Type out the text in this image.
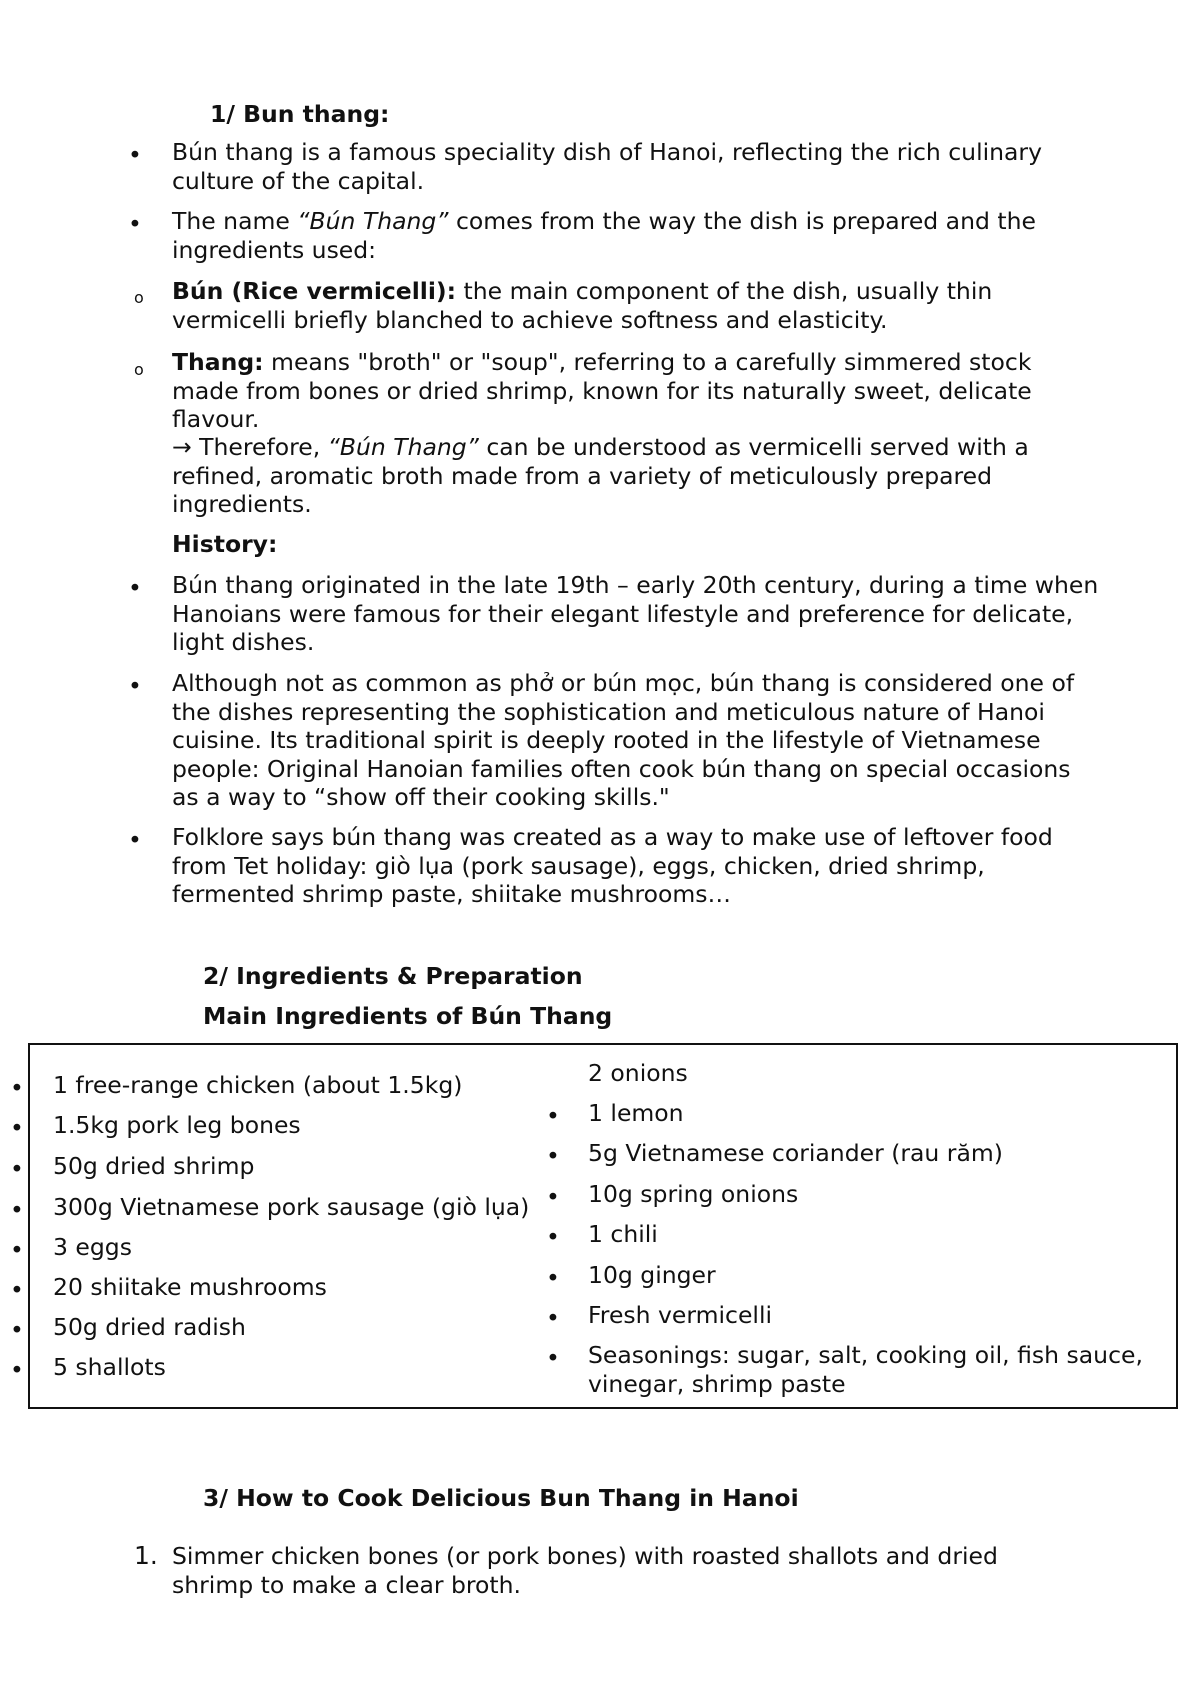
1/ Bun thang:
• Bún thang is a famous speciality dish of Hanoi, reflecting the rich culinary culture of the capital.
• The name “Bún Thang” comes from the way the dish is prepared and the ingredients used:
o Bún (Rice vermicelli): the main component of the dish, usually thin vermicelli briefly blanched to achieve softness and elasticity.
o Thang: means "broth" or "soup", referring to a carefully simmered stock made from bones or dried shrimp, known for its naturally sweet, delicate flavour.
→ Therefore, “Bún Thang” can be understood as vermicelli served with a refined, aromatic broth made from a variety of meticulously prepared ingredients.
History:
• Bún thang originated in the late 19th – early 20th century, during a time when Hanoians were famous for their elegant lifestyle and preference for delicate, light dishes.
• Although not as common as phở or bún mọc, bún thang is considered one of the dishes representing the sophistication and meticulous nature of Hanoi cuisine. Its traditional spirit is deeply rooted in the lifestyle of Vietnamese people: Original Hanoian families often cook bún thang on special occasions as a way to “show off their cooking skills."
• Folklore says bún thang was created as a way to make use of leftover food from Tet holiday: giò lụa (pork sausage), eggs, chicken, dried shrimp, fermented shrimp paste, shiitake mushrooms…
2/ Ingredients & Preparation
Main Ingredients of Bún Thang
• 1 free-range chicken (about 1.5kg)
• 1.5kg pork leg bones
• 50g dried shrimp
• 300g Vietnamese pork sausage (giò lụa)
• 3 eggs
• 20 shiitake mushrooms
• 50g dried radish
• 5 shallots
2 onions
• 1 lemon
• 5g Vietnamese coriander (rau răm)
• 10g spring onions
• 1 chili
• 10g ginger
• Fresh vermicelli
• Seasonings: sugar, salt, cooking oil, fish sauce, vinegar, shrimp paste
3/ How to Cook Delicious Bun Thang in Hanoi
1. Simmer chicken bones (or pork bones) with roasted shallots and dried shrimp to make a clear broth.
